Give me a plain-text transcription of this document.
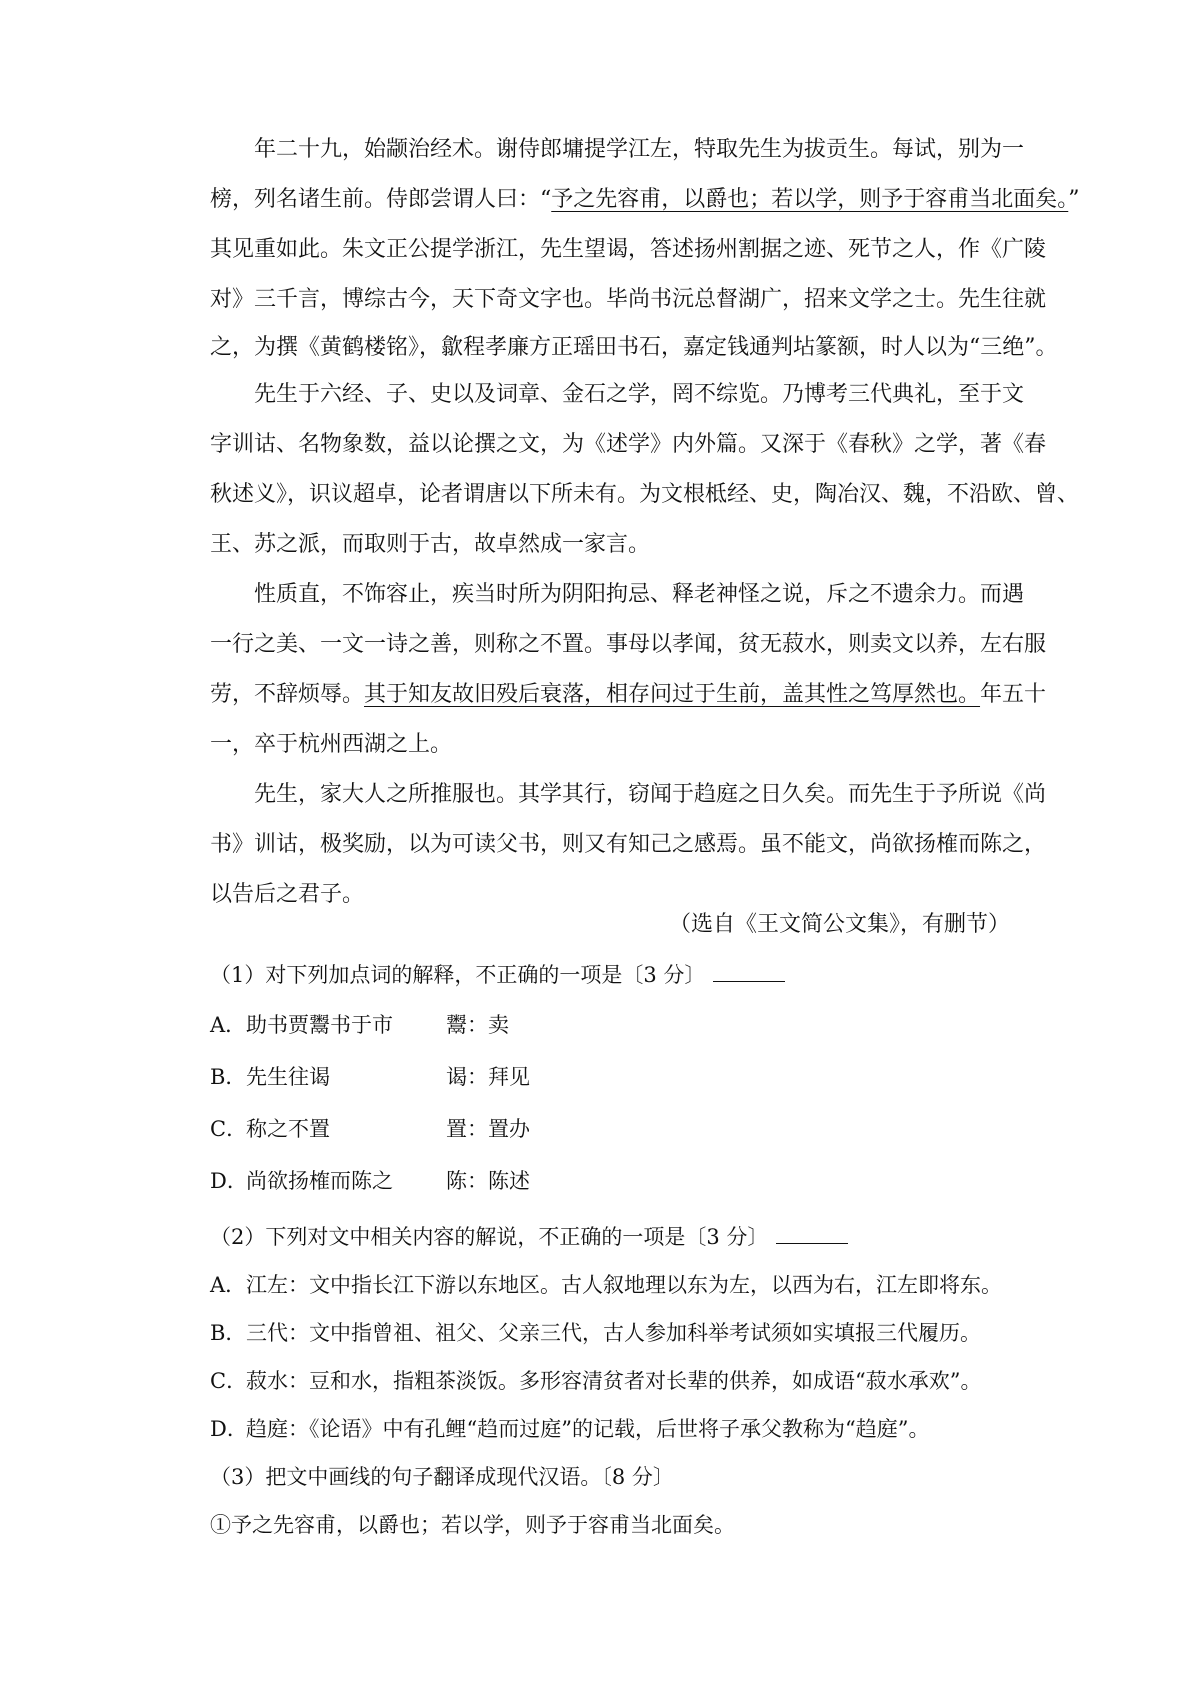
　　年二十九，始颛治经术。谢侍郎墉提学江左，特取先生为拔贡生。每试，别为一
榜，列名诸生前。侍郎尝谓人曰：“予之先容甫，以爵也；若以学，则予于容甫当北面矣。”
其见重如此。朱文正公提学浙江，先生望谒，答述扬州割据之迹、死节之人，作《广陵
对》三千言，博综古今，天下奇文字也。毕尚书沅总督湖广，招来文学之士。先生往就
之，为撰《黄鹤楼铭》，歙程孝廉方正瑶田书石，嘉定钱通判坫篆额，时人以为“三绝”。
　　先生于六经、子、史以及词章、金石之学，罔不综览。乃博考三代典礼，至于文
字训诂、名物象数，益以论撰之文，为《述学》内外篇。又深于《春秋》之学，著《春
秋述义》，识议超卓，论者谓唐以下所未有。为文根柢经、史，陶冶汉、魏，不沿欧、曾、
王、苏之派，而取则于古，故卓然成一家言。
　　性质直，不饰容止，疾当时所为阴阳拘忌、释老神怪之说，斥之不遗余力。而遇
一行之美、一文一诗之善，则称之不置。事母以孝闻，贫无菽水，则卖文以养，左右服
劳，不辞烦辱。其于知友故旧殁后衰落，相存问过于生前，盖其性之笃厚然也。年五十
一，卒于杭州西湖之上。
　　先生，家大人之所推服也。其学其行，窃闻于趋庭之日久矣。而先生于予所说《尚
书》训诂，极奖励，以为可读父书，则又有知己之感焉。虽不能文，尚欲扬榷而陈之，
以告后之君子。
（选自《王文简公文集》，有删节）
（1）对下列加点词的解释，不正确的一项是〔3 分〕
A．助书贾鬻书于市	鬻：卖
B．先生往谒	谒：拜见
C．称之不置	置：置办
D．尚欲扬榷而陈之	陈：陈述
（2）下列对文中相关内容的解说，不正确的一项是〔3 分〕
A．江左：文中指长江下游以东地区。古人叙地理以东为左，以西为右，江左即将东。
B．三代：文中指曾祖、祖父、父亲三代，古人参加科举考试须如实填报三代履历。
C．菽水：豆和水，指粗茶淡饭。多形容清贫者对长辈的供养，如成语“菽水承欢”。
D．趋庭：《论语》中有孔鲤“趋而过庭”的记载，后世将子承父教称为“趋庭”。
（3）把文中画线的句子翻译成现代汉语。〔8 分〕
①予之先容甫，以爵也；若以学，则予于容甫当北面矣。
